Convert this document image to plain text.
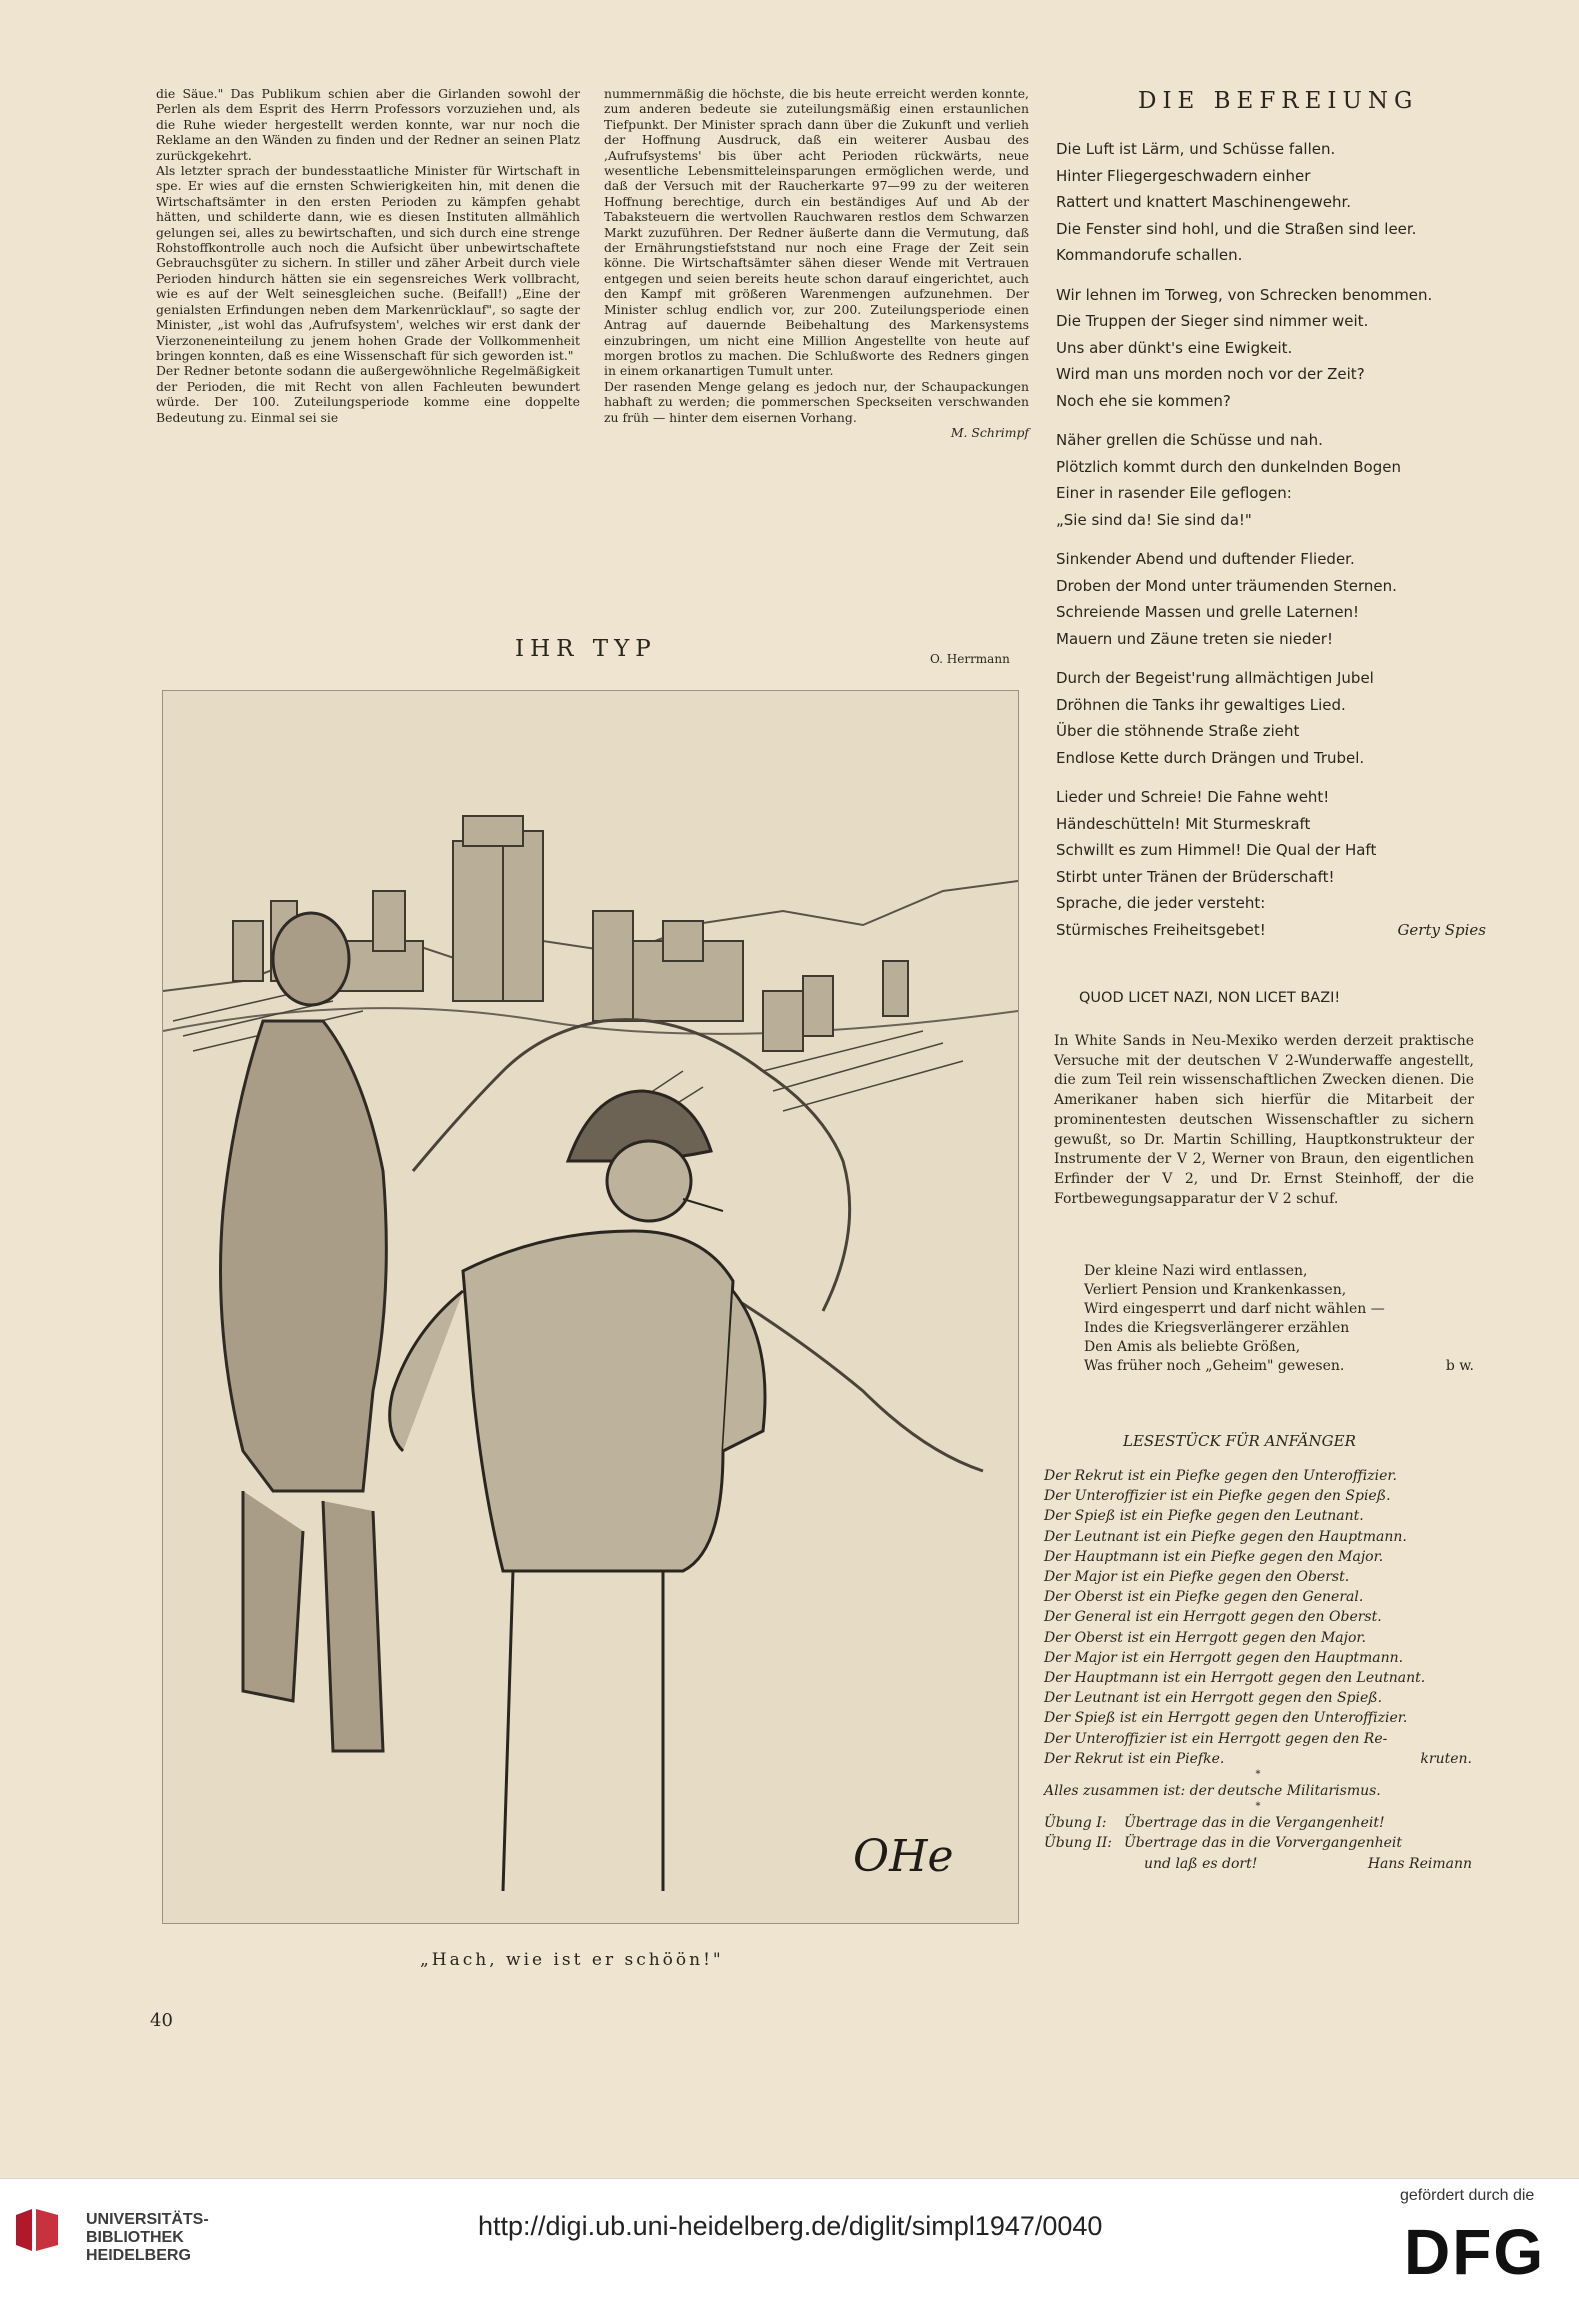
die Säue." Das Publikum schien aber die Girlanden sowohl der Perlen als dem Esprit des Herrn Professors vorzuziehen und, als die Ruhe wieder hergestellt werden konnte, war nur noch die Reklame an den Wänden zu finden und der Redner an seinen Platz zurückgekehrt.

Als letzter sprach der bundesstaatliche Minister für Wirtschaft in spe. Er wies auf die ernsten Schwierigkeiten hin, mit denen die Wirtschaftsämter in den ersten Perioden zu kämpfen gehabt hätten, und schilderte dann, wie es diesen Instituten allmählich gelungen sei, alles zu bewirtschaften, und sich durch eine strenge Rohstoffkontrolle auch noch die Aufsicht über unbewirtschaftete Gebrauchsgüter zu sichern. In stiller und zäher Arbeit durch viele Perioden hindurch hätten sie ein segensreiches Werk vollbracht, wie es auf der Welt seinesgleichen suche. (Beifall!) „Eine der genialsten Erfindungen neben dem Markenrücklauf", so sagte der Minister, „ist wohl das ,Aufrufsystem', welches wir erst dank der Vierzoneneinteilung zu jenem hohen Grade der Vollkommenheit bringen konnten, daß es eine Wissenschaft für sich geworden ist."

Der Redner betonte sodann die außergewöhnliche Regelmäßigkeit der Perioden, die mit Recht von allen Fachleuten bewundert würde. Der 100. Zuteilungsperiode komme eine doppelte Bedeutung zu. Einmal sei sie

nummernmäßig die höchste, die bis heute erreicht werden konnte, zum anderen bedeute sie zuteilungsmäßig einen erstaunlichen Tiefpunkt. Der Minister sprach dann über die Zukunft und verlieh der Hoffnung Ausdruck, daß ein weiterer Ausbau des ,Aufrufsystems' bis über acht Perioden rückwärts, neue wesentliche Lebensmitteleinsparungen ermöglichen werde, und daß der Versuch mit der Raucherkarte 97—99 zu der weiteren Hoffnung berechtige, durch ein beständiges Auf und Ab der Tabaksteuern die wertvollen Rauchwaren restlos dem Schwarzen Markt zuzuführen. Der Redner äußerte dann die Vermutung, daß der Ernährungstiefststand nur noch eine Frage der Zeit sein könne. Die Wirtschaftsämter sähen dieser Wende mit Vertrauen entgegen und seien bereits heute schon darauf eingerichtet, auch den Kampf mit größeren Warenmengen aufzunehmen. Der Minister schlug endlich vor, zur 200. Zuteilungsperiode einen Antrag auf dauernde Beibehaltung des Markensystems einzubringen, um nicht eine Million Angestellte von heute auf morgen brotlos zu machen. Die Schlußworte des Redners gingen in einem orkanartigen Tumult unter.

Der rasenden Menge gelang es jedoch nur, der Schaupackungen habhaft zu werden; die pommerschen Speckseiten verschwanden zu früh — hinter dem eisernen Vorhang.

M. Schrimpf

IHR TYP	O. Herrmann
OHe
„Hach, wie ist er schöön!"
40
DIE BEFREIUNG
Die Luft ist Lärm, und Schüsse fallen.
Hinter Fliegergeschwadern einher
Rattert und knattert Maschinengewehr.
Die Fenster sind hohl, und die Straßen sind leer.
Kommandorufe schallen.
Wir lehnen im Torweg, von Schrecken benommen.
Die Truppen der Sieger sind nimmer weit.
Uns aber dünkt's eine Ewigkeit.
Wird man uns morden noch vor der Zeit?
Noch ehe sie kommen?
Näher grellen die Schüsse und nah.
Plötzlich kommt durch den dunkelnden Bogen
Einer in rasender Eile geflogen:
„Sie sind da! Sie sind da!"
Sinkender Abend und duftender Flieder.
Droben der Mond unter träumenden Sternen.
Schreiende Massen und grelle Laternen!
Mauern und Zäune treten sie nieder!
Durch der Begeist'rung allmächtigen Jubel
Dröhnen die Tanks ihr gewaltiges Lied.
Über die stöhnende Straße zieht
Endlose Kette durch Drängen und Trubel.
Lieder und Schreie! Die Fahne weht!
Händeschütteln! Mit Sturmeskraft
Schwillt es zum Himmel! Die Qual der Haft
Stirbt unter Tränen der Brüderschaft!
Sprache, die jeder versteht:
Stürmisches Freiheitsgebet!	Gerty Spies
QUOD LICET NAZI, NON LICET BAZI!
In White Sands in Neu-Mexiko werden derzeit praktische Versuche mit der deutschen V 2-Wunderwaffe angestellt, die zum Teil rein wissenschaftlichen Zwecken dienen. Die Amerikaner haben sich hierfür die Mitarbeit der prominentesten deutschen Wissenschaftler zu sichern gewußt, so Dr. Martin Schilling, Hauptkonstrukteur der Instrumente der V 2, Werner von Braun, den eigentlichen Erfinder der V 2, und Dr. Ernst Steinhoff, der die Fortbewegungsapparatur der V 2 schuf.
Der kleine Nazi wird entlassen,
Verliert Pension und Krankenkassen,
Wird eingesperrt und darf nicht wählen —
Indes die Kriegsverlängerer erzählen
Den Amis als beliebte Größen,
Was früher noch „Geheim" gewesen.	b w.
LESESTÜCK FÜR ANFÄNGER
Der Rekrut ist ein Piefke gegen den Unteroffizier.
Der Unteroffizier ist ein Piefke gegen den Spieß.
Der Spieß ist ein Piefke gegen den Leutnant.
Der Leutnant ist ein Piefke gegen den Hauptmann.
Der Hauptmann ist ein Piefke gegen den Major.
Der Major ist ein Piefke gegen den Oberst.
Der Oberst ist ein Piefke gegen den General.
Der General ist ein Herrgott gegen den Oberst.
Der Oberst ist ein Herrgott gegen den Major.
Der Major ist ein Herrgott gegen den Hauptmann.
Der Hauptmann ist ein Herrgott gegen den Leutnant.
Der Leutnant ist ein Herrgott gegen den Spieß.
Der Spieß ist ein Herrgott gegen den Unteroffizier.
Der Unteroffizier ist ein Herrgott gegen den Re-
Der Rekrut ist ein Piefke.	kruten.
*
Alles zusammen ist: der deutsche Militarismus.
*
Übung I:	Übertrage das in die Vergangenheit!
Übung II: Übertrage das in die Vorvergangenheit
und laß es dort!	Hans Reimann
UNIVERSITÄTS-
BIBLIOTHEK
HEIDELBERG
http://digi.ub.uni-heidelberg.de/diglit/simpl1947/0040
gefördert durch die
DFG
